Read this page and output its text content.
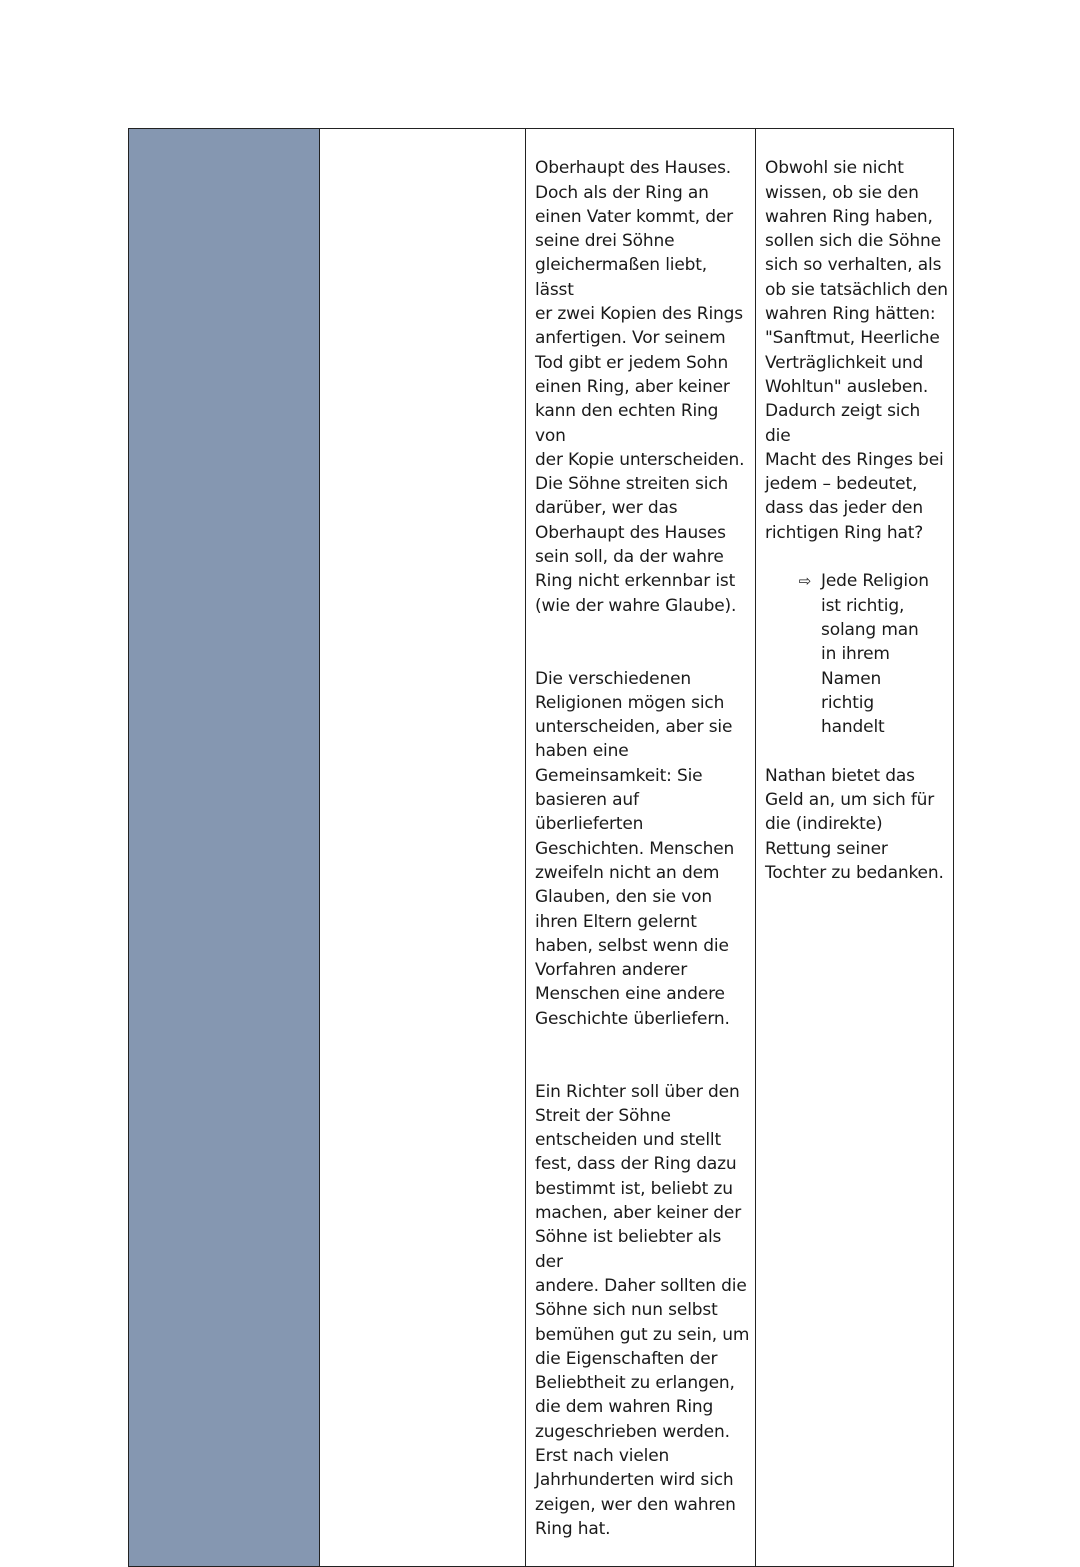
Oberhaupt des Hauses.
Doch als der Ring an
einen Vater kommt, der
seine drei Söhne
gleichermaßen liebt, lässt
er zwei Kopien des Rings
anfertigen. Vor seinem
Tod gibt er jedem Sohn
einen Ring, aber keiner
kann den echten Ring von
der Kopie unterscheiden.
Die Söhne streiten sich
darüber, wer das
Oberhaupt des Hauses
sein soll, da der wahre
Ring nicht erkennbar ist
(wie der wahre Glaube).

Die verschiedenen
Religionen mögen sich
unterscheiden, aber sie
haben eine
Gemeinsamkeit: Sie
basieren auf
überlieferten
Geschichten. Menschen
zweifeln nicht an dem
Glauben, den sie von
ihren Eltern gelernt
haben, selbst wenn die
Vorfahren anderer
Menschen eine andere
Geschichte überliefern.

Ein Richter soll über den
Streit der Söhne
entscheiden und stellt
fest, dass der Ring dazu
bestimmt ist, beliebt zu
machen, aber keiner der
Söhne ist beliebter als der
andere. Daher sollten die
Söhne sich nun selbst
bemühen gut zu sein, um
die Eigenschaften der
Beliebtheit zu erlangen,
die dem wahren Ring
zugeschrieben werden.
Erst nach vielen
Jahrhunderten wird sich
zeigen, wer den wahren
Ring hat.

Obwohl sie nicht
wissen, ob sie den
wahren Ring haben,
sollen sich die Söhne
sich so verhalten, als
ob sie tatsächlich den
wahren Ring hätten:
"Sanftmut, Heerliche
Verträglichkeit und
Wohltun" ausleben.
Dadurch zeigt sich die
Macht des Ringes bei
jedem – bedeutet,
dass das jeder den
richtigen Ring hat?

⇨ Jede Religion
ist richtig,
solang man
in ihrem
Namen
richtig
handelt

Nathan bietet das
Geld an, um sich für
die (indirekte)
Rettung seiner
Tochter zu bedanken.
